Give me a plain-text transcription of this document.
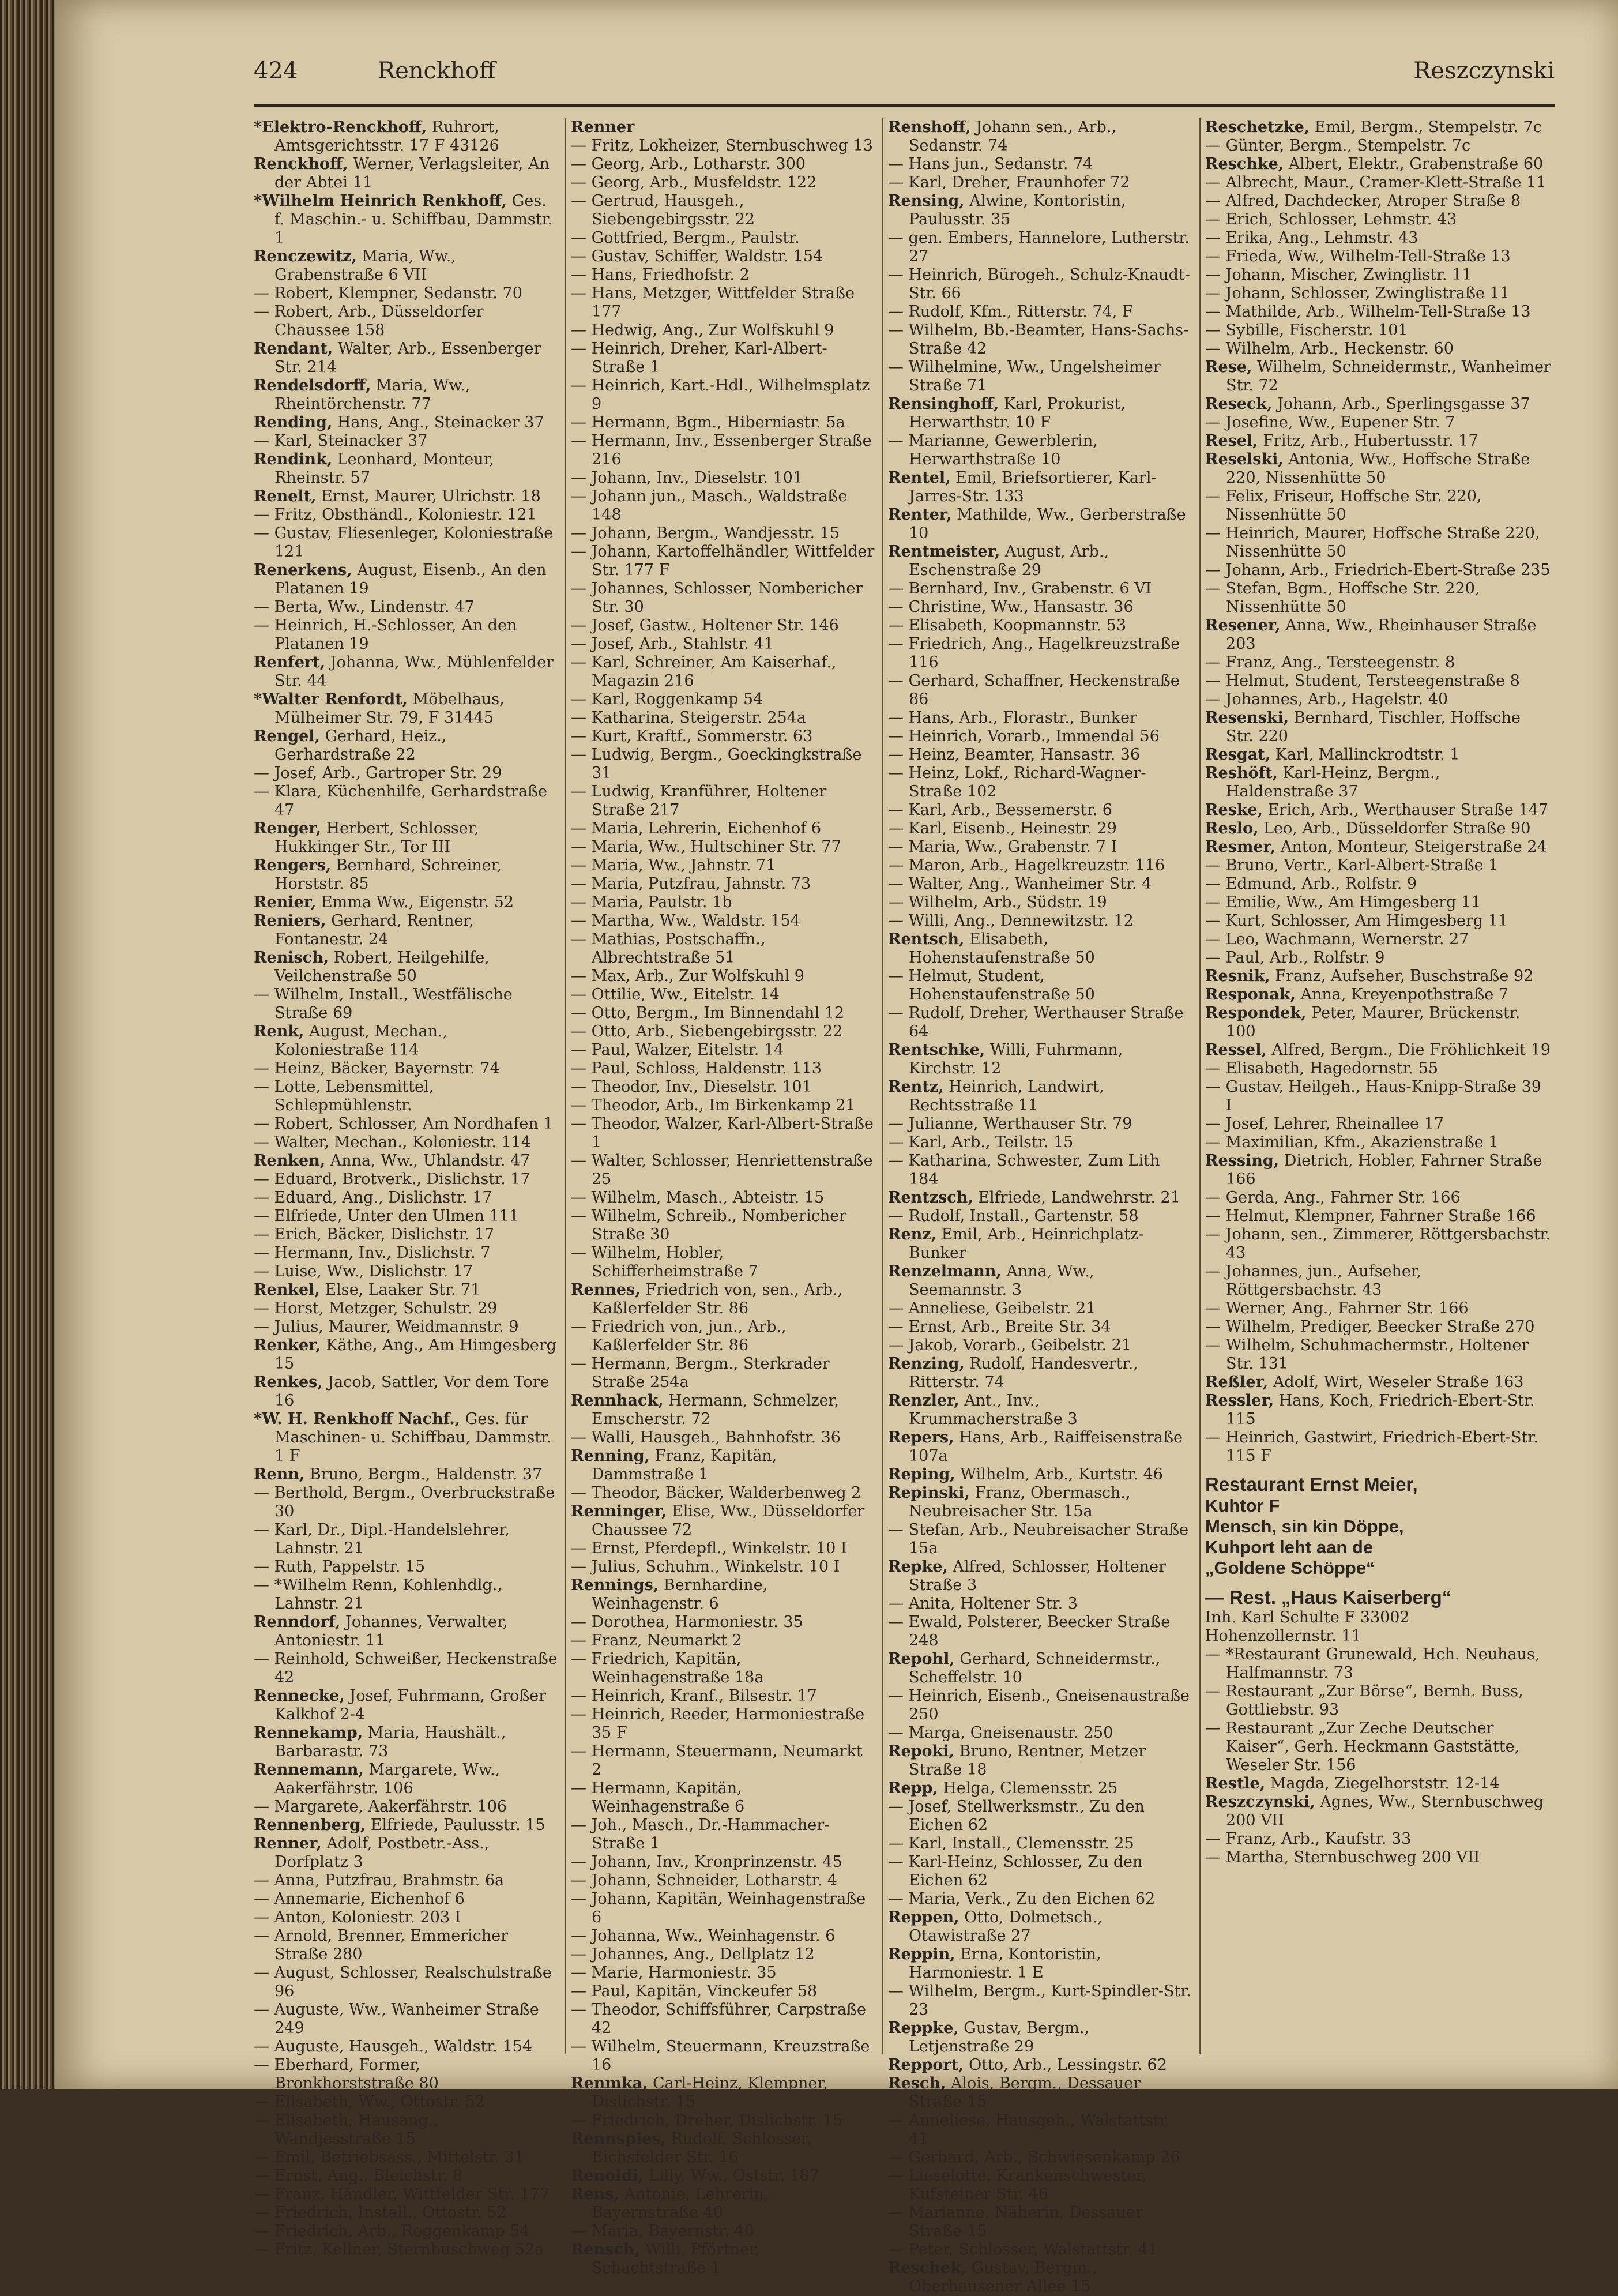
424	Renckhoff	Reszczynski

*Elektro-Renckhoff, Ruhrort, Amtsgerichtsstr. 17 F 43126

Renckhoff, Werner, Verlagsleiter, An der Abtei 11

*Wilhelm Heinrich Renkhoff, Ges. f. Maschin.- u. Schiffbau, Dammstr. 1

Renczewitz, Maria, Ww., Grabenstraße 6 VII

— Robert, Klempner, Sedanstr. 70

— Robert, Arb., Düsseldorfer Chaussee 158

Rendant, Walter, Arb., Essenberger Str. 214

Rendelsdorff, Maria, Ww., Rheintörchenstr. 77

Rending, Hans, Ang., Steinacker 37

— Karl, Steinacker 37

Rendink, Leonhard, Monteur, Rheinstr. 57

Renelt, Ernst, Maurer, Ulrichstr. 18

— Fritz, Obsthändl., Koloniestr. 121

— Gustav, Fliesenleger, Koloniestraße 121

Renerkens, August, Eisenb., An den Platanen 19

— Berta, Ww., Lindenstr. 47

— Heinrich, H.-Schlosser, An den Platanen 19

Renfert, Johanna, Ww., Mühlenfelder Str. 44

*Walter Renfordt, Möbelhaus, Mülheimer Str. 79, F 31445

Rengel, Gerhard, Heiz., Gerhardstraße 22

— Josef, Arb., Gartroper Str. 29

— Klara, Küchenhilfe, Gerhardstraße 47

Renger, Herbert, Schlosser, Hukkinger Str., Tor III

Rengers, Bernhard, Schreiner, Horststr. 85

Renier, Emma Ww., Eigenstr. 52

Reniers, Gerhard, Rentner, Fontanestr. 24

Renisch, Robert, Heilgehilfe, Veilchenstraße 50

— Wilhelm, Install., Westfälische Straße 69

Renk, August, Mechan., Koloniestraße 114

— Heinz, Bäcker, Bayernstr. 74

— Lotte, Lebensmittel, Schlepmühlenstr.

— Robert, Schlosser, Am Nordhafen 1

— Walter, Mechan., Koloniestr. 114

Renken, Anna, Ww., Uhlandstr. 47

— Eduard, Brotverk., Dislichstr. 17

— Eduard, Ang., Dislichstr. 17

— Elfriede, Unter den Ulmen 111

— Erich, Bäcker, Dislichstr. 17

— Hermann, Inv., Dislichstr. 7

— Luise, Ww., Dislichstr. 17

Renkel, Else, Laaker Str. 71

— Horst, Metzger, Schulstr. 29

— Julius, Maurer, Weidmannstr. 9

Renker, Käthe, Ang., Am Himgesberg 15

Renkes, Jacob, Sattler, Vor dem Tore 16

*W. H. Renkhoff Nachf., Ges. für Maschinen- u. Schiffbau, Dammstr. 1 F

Renn, Bruno, Bergm., Haldenstr. 37

— Berthold, Bergm., Overbruckstraße 30

— Karl, Dr., Dipl.-Handelslehrer, Lahnstr. 21

— Ruth, Pappelstr. 15

— *Wilhelm Renn, Kohlenhdlg., Lahnstr. 21

Renndorf, Johannes, Verwalter, Antoniestr. 11

— Reinhold, Schweißer, Heckenstraße 42

Rennecke, Josef, Fuhrmann, Großer Kalkhof 2-4

Rennekamp, Maria, Haushält., Barbarastr. 73

Rennemann, Margarete, Ww., Aakerfährstr. 106

— Margarete, Aakerfährstr. 106

Rennenberg, Elfriede, Paulusstr. 15

Renner, Adolf, Postbetr.-Ass., Dorfplatz 3

— Anna, Putzfrau, Brahmstr. 6a

— Annemarie, Eichenhof 6

— Anton, Koloniestr. 203 I

— Arnold, Brenner, Emmericher Straße 280

— August, Schlosser, Realschulstraße 96

— Auguste, Ww., Wanheimer Straße 249

— Auguste, Hausgeh., Waldstr. 154

— Eberhard, Former, Bronkhorststraße 80

— Elisabeth, Ww., Ottostr. 52

— Elisabeth, Hausang., Wandjesstraße 15

— Emil, Betriebsass., Mittelstr. 31

— Ernst, Ang., Bleichstr. 8

— Franz, Händler, Wittfelder Str. 177

— Friedrich, Install., Ottostr. 52

— Friedrich, Arb., Roggenkamp 54

— Fritz, Kellner, Sternbuschweg 52a

Renner

— Fritz, Lokheizer, Sternbuschweg 13

— Georg, Arb., Lotharstr. 300

— Georg, Arb., Musfeldstr. 122

— Gertrud, Hausgeh., Siebengebirgsstr. 22

— Gottfried, Bergm., Paulstr.

— Gustav, Schiffer, Waldstr. 154

— Hans, Friedhofstr. 2

— Hans, Metzger, Wittfelder Straße 177

— Hedwig, Ang., Zur Wolfskuhl 9

— Heinrich, Dreher, Karl-Albert-Straße 1

— Heinrich, Kart.-Hdl., Wilhelmsplatz 9

— Hermann, Bgm., Hiberniastr. 5a

— Hermann, Inv., Essenberger Straße 216

— Johann, Inv., Dieselstr. 101

— Johann jun., Masch., Waldstraße 148

— Johann, Bergm., Wandjesstr. 15

— Johann, Kartoffelhändler, Wittfelder Str. 177 F

— Johannes, Schlosser, Nombericher Str. 30

— Josef, Gastw., Holtener Str. 146

— Josef, Arb., Stahlstr. 41

— Karl, Schreiner, Am Kaiserhaf., Magazin 216

— Karl, Roggenkamp 54

— Katharina, Steigerstr. 254a

— Kurt, Kraftf., Sommerstr. 63

— Ludwig, Bergm., Goeckingkstraße 31

— Ludwig, Kranführer, Holtener Straße 217

— Maria, Lehrerin, Eichenhof 6

— Maria, Ww., Hultschiner Str. 77

— Maria, Ww., Jahnstr. 71

— Maria, Putzfrau, Jahnstr. 73

— Maria, Paulstr. 1b

— Martha, Ww., Waldstr. 154

— Mathias, Postschaffn., Albrechtstraße 51

— Max, Arb., Zur Wolfskuhl 9

— Ottilie, Ww., Eitelstr. 14

— Otto, Bergm., Im Binnendahl 12

— Otto, Arb., Siebengebirgsstr. 22

— Paul, Walzer, Eitelstr. 14

— Paul, Schloss, Haldenstr. 113

— Theodor, Inv., Dieselstr. 101

— Theodor, Arb., Im Birkenkamp 21

— Theodor, Walzer, Karl-Albert-Straße 1

— Walter, Schlosser, Henriettenstraße 25

— Wilhelm, Masch., Abteistr. 15

— Wilhelm, Schreib., Nombericher Straße 30

— Wilhelm, Hobler, Schifferheimstraße 7

Rennes, Friedrich von, sen., Arb., Kaßlerfelder Str. 86

— Friedrich von, jun., Arb., Kaßlerfelder Str. 86

— Hermann, Bergm., Sterkrader Straße 254a

Rennhack, Hermann, Schmelzer, Emscherstr. 72

— Walli, Hausgeh., Bahnhofstr. 36

Renning, Franz, Kapitän, Dammstraße 1

— Theodor, Bäcker, Walderbenweg 2

Renninger, Elise, Ww., Düsseldorfer Chaussee 72

— Ernst, Pferdepfl., Winkelstr. 10 I

— Julius, Schuhm., Winkelstr. 10 I

Rennings, Bernhardine, Weinhagenstr. 6

— Dorothea, Harmoniestr. 35

— Franz, Neumarkt 2

— Friedrich, Kapitän, Weinhagenstraße 18a

— Heinrich, Kranf., Bilsestr. 17

— Heinrich, Reeder, Harmoniestraße 35 F

— Hermann, Steuermann, Neumarkt 2

— Hermann, Kapitän, Weinhagenstraße 6

— Joh., Masch., Dr.-Hammacher-Straße 1

— Johann, Inv., Kronprinzenstr. 45

— Johann, Schneider, Lotharstr. 4

— Johann, Kapitän, Weinhagenstraße 6

— Johanna, Ww., Weinhagenstr. 6

— Johannes, Ang., Dellplatz 12

— Marie, Harmoniestr. 35

— Paul, Kapitän, Vinckeufer 58

— Theodor, Schiffsführer, Carpstraße 42

— Wilhelm, Steuermann, Kreuzstraße 16

Renmka, Carl-Heinz, Klempner, Dislichstr. 15

— Friedrich, Dreher, Dislichstr. 15

Rennspies, Rudolf, Schlosser, Eichsfelder Str. 16

Renoldi, Lilly, Ww., Oststr. 187

Rens, Antonie, Lehrerin, Bayernstraße 40

— Maria, Bayernstr. 40

Rensch, Willi, Pförtner, Schachtstraße 1

Renshoff, Johann sen., Arb., Sedanstr. 74

— Hans jun., Sedanstr. 74

— Karl, Dreher, Fraunhofer 72

Rensing, Alwine, Kontoristin, Paulusstr. 35

— gen. Embers, Hannelore, Lutherstr. 27

— Heinrich, Bürogeh., Schulz-Knaudt-Str. 66

— Rudolf, Kfm., Ritterstr. 74, F

— Wilhelm, Bb.-Beamter, Hans-Sachs-Straße 42

— Wilhelmine, Ww., Ungelsheimer Straße 71

Rensinghoff, Karl, Prokurist, Herwarthstr. 10 F

— Marianne, Gewerblerin, Herwarthstraße 10

Rentel, Emil, Briefsortierer, Karl-Jarres-Str. 133

Renter, Mathilde, Ww., Gerberstraße 10

Rentmeister, August, Arb., Eschenstraße 29

— Bernhard, Inv., Grabenstr. 6 VI

— Christine, Ww., Hansastr. 36

— Elisabeth, Koopmannstr. 53

— Friedrich, Ang., Hagelkreuzstraße 116

— Gerhard, Schaffner, Heckenstraße 86

— Hans, Arb., Florastr., Bunker

— Heinrich, Vorarb., Immendal 56

— Heinz, Beamter, Hansastr. 36

— Heinz, Lokf., Richard-Wagner-Straße 102

— Karl, Arb., Bessemerstr. 6

— Karl, Eisenb., Heinestr. 29

— Maria, Ww., Grabenstr. 7 I

— Maron, Arb., Hagelkreuzstr. 116

— Walter, Ang., Wanheimer Str. 4

— Wilhelm, Arb., Südstr. 19

— Willi, Ang., Dennewitzstr. 12

Rentsch, Elisabeth, Hohenstaufenstraße 50

— Helmut, Student, Hohenstaufenstraße 50

— Rudolf, Dreher, Werthauser Straße 64

Rentschke, Willi, Fuhrmann, Kirchstr. 12

Rentz, Heinrich, Landwirt, Rechtsstraße 11

— Julianne, Werthauser Str. 79

— Karl, Arb., Teilstr. 15

— Katharina, Schwester, Zum Lith 184

Rentzsch, Elfriede, Landwehrstr. 21

— Rudolf, Install., Gartenstr. 58

Renz, Emil, Arb., Heinrichplatz-Bunker

Renzelmann, Anna, Ww., Seemannstr. 3

— Anneliese, Geibelstr. 21

— Ernst, Arb., Breite Str. 34

— Jakob, Vorarb., Geibelstr. 21

Renzing, Rudolf, Handesvertr., Ritterstr. 74

Renzler, Ant., Inv., Krummacherstraße 3

Repers, Hans, Arb., Raiffeisenstraße 107a

Reping, Wilhelm, Arb., Kurtstr. 46

Repinski, Franz, Obermasch., Neubreisacher Str. 15a

— Stefan, Arb., Neubreisacher Straße 15a

Repke, Alfred, Schlosser, Holtener Straße 3

— Anita, Holtener Str. 3

— Ewald, Polsterer, Beecker Straße 248

Repohl, Gerhard, Schneidermstr., Scheffelstr. 10

— Heinrich, Eisenb., Gneisenaustraße 250

— Marga, Gneisenaustr. 250

Repoki, Bruno, Rentner, Metzer Straße 18

Repp, Helga, Clemensstr. 25

— Josef, Stellwerksmstr., Zu den Eichen 62

— Karl, Install., Clemensstr. 25

— Karl-Heinz, Schlosser, Zu den Eichen 62

— Maria, Verk., Zu den Eichen 62

Reppen, Otto, Dolmetsch., Otawistraße 27

Reppin, Erna, Kontoristin, Harmoniestr. 1 E

— Wilhelm, Bergm., Kurt-Spindler-Str. 23

Reppke, Gustav, Bergm., Letjenstraße 29

Repport, Otto, Arb., Lessingstr. 62

Resch, Alois, Bergm., Dessauer Straße 15

— Anneliese, Hausgeh., Walstattstr. 41

— Gerhard, Arb., Schwiesenkamp 26

— Lieselotte, Krankenschwester, Kufsteiner Str. 46

— Marianne, Näherin, Dessauer Straße 15

— Peter, Schlosser, Walstattstr. 41

Reschek, Gustav, Bergm., Oberhausener Allee 15

Reschetzke, Emil, Bergm., Stempelstr. 7c

— Günter, Bergm., Stempelstr. 7c

Reschke, Albert, Elektr., Grabenstraße 60

— Albrecht, Maur., Cramer-Klett-Straße 11

— Alfred, Dachdecker, Atroper Straße 8

— Erich, Schlosser, Lehmstr. 43

— Erika, Ang., Lehmstr. 43

— Frieda, Ww., Wilhelm-Tell-Straße 13

— Johann, Mischer, Zwinglistr. 11

— Johann, Schlosser, Zwinglistraße 11

— Mathilde, Arb., Wilhelm-Tell-Straße 13

— Sybille, Fischerstr. 101

— Wilhelm, Arb., Heckenstr. 60

Rese, Wilhelm, Schneidermstr., Wanheimer Str. 72

Reseck, Johann, Arb., Sperlingsgasse 37

— Josefine, Ww., Eupener Str. 7

Resel, Fritz, Arb., Hubertusstr. 17

Reselski, Antonia, Ww., Hoffsche Straße 220, Nissenhütte 50

— Felix, Friseur, Hoffsche Str. 220, Nissenhütte 50

— Heinrich, Maurer, Hoffsche Straße 220, Nissenhütte 50

— Johann, Arb., Friedrich-Ebert-Straße 235

— Stefan, Bgm., Hoffsche Str. 220, Nissenhütte 50

Resener, Anna, Ww., Rheinhauser Straße 203

— Franz, Ang., Tersteegenstr. 8

— Helmut, Student, Tersteegenstraße 8

— Johannes, Arb., Hagelstr. 40

Resenski, Bernhard, Tischler, Hoffsche Str. 220

Resgat, Karl, Mallinckrodtstr. 1

Reshöft, Karl-Heinz, Bergm., Haldenstraße 37

Reske, Erich, Arb., Werthauser Straße 147

Reslo, Leo, Arb., Düsseldorfer Straße 90

Resmer, Anton, Monteur, Steigerstraße 24

— Bruno, Vertr., Karl-Albert-Straße 1

— Edmund, Arb., Rolfstr. 9

— Emilie, Ww., Am Himgesberg 11

— Kurt, Schlosser, Am Himgesberg 11

— Leo, Wachmann, Wernerstr. 27

— Paul, Arb., Rolfstr. 9

Resnik, Franz, Aufseher, Buschstraße 92

Responak, Anna, Kreyenpothstraße 7

Respondek, Peter, Maurer, Brückenstr. 100

Ressel, Alfred, Bergm., Die Fröhlichkeit 19

— Elisabeth, Hagedornstr. 55

— Gustav, Heilgeh., Haus-Knipp-Straße 39 I

— Josef, Lehrer, Rheinallee 17

— Maximilian, Kfm., Akazienstraße 1

Ressing, Dietrich, Hobler, Fahrner Straße 166

— Gerda, Ang., Fahrner Str. 166

— Helmut, Klempner, Fahrner Straße 166

— Johann, sen., Zimmerer, Röttgersbachstr. 43

— Johannes, jun., Aufseher, Röttgersbachstr. 43

— Werner, Ang., Fahrner Str. 166

— Wilhelm, Prediger, Beecker Straße 270

— Wilhelm, Schuhmachermstr., Holtener Str. 131

Reßler, Adolf, Wirt, Weseler Straße 163

Ressler, Hans, Koch, Friedrich-Ebert-Str. 115

— Heinrich, Gastwirt, Friedrich-Ebert-Str. 115 F

Restaurant Ernst Meier,
Kuhtor F
Mensch, sin kin Döppe,
Kuhport leht aan de
„Goldene Schöppe“
— Rest. „Haus Kaiserberg“

Inh. Karl Schulte F 33002

Hohenzollernstr. 11

— *Restaurant Grunewald, Hch. Neuhaus, Halfmannstr. 73

— Restaurant „Zur Börse“, Bernh. Buss, Gottliebstr. 93

— Restaurant „Zur Zeche Deutscher Kaiser“, Gerh. Heckmann Gaststätte, Weseler Str. 156

Restle, Magda, Ziegelhorststr. 12-14

Reszczynski, Agnes, Ww., Sternbuschweg 200 VII

— Franz, Arb., Kaufstr. 33

— Martha, Sternbuschweg 200 VII
